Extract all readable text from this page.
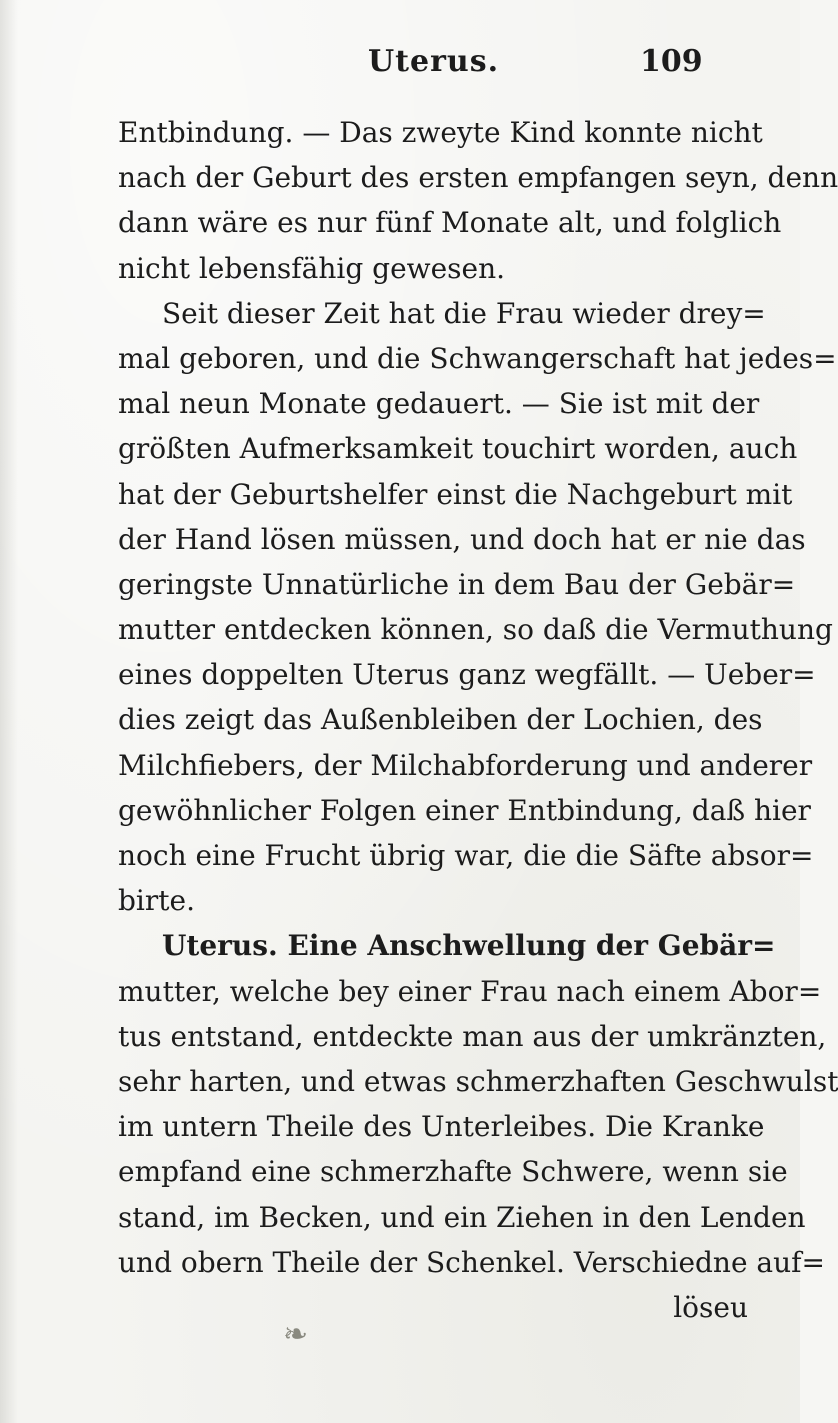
Uterus.	109
Entbindung. — Das zweyte Kind konnte nicht
nach der Geburt des ersten empfangen seyn, denn
dann wäre es nur fünf Monate alt, und folglich
nicht lebensfähig gewesen.
Seit dieser Zeit hat die Frau wieder drey=
mal geboren, und die Schwangerschaft hat jedes=
mal neun Monate gedauert. — Sie ist mit der
größten Aufmerksamkeit touchirt worden, auch
hat der Geburtshelfer einst die Nachgeburt mit
der Hand lösen müssen, und doch hat er nie das
geringste Unnatürliche in dem Bau der Gebär=
mutter entdecken können, so daß die Vermuthung
eines doppelten Uterus ganz wegfällt. — Ueber=
dies zeigt das Außenbleiben der Lochien, des
Milchfiebers, der Milchabforderung und anderer
gewöhnlicher Folgen einer Entbindung, daß hier
noch eine Frucht übrig war, die die Säfte absor=
birte.
Uterus. Eine Anschwellung der Gebär=
mutter, welche bey einer Frau nach einem Abor=
tus entstand, entdeckte man aus der umkränzten,
sehr harten, und etwas schmerzhaften Geschwulst
im untern Theile des Unterleibes. Die Kranke
empfand eine schmerzhafte Schwere, wenn sie
stand, im Becken, und ein Ziehen in den Lenden
und obern Theile der Schenkel. Verschiedne auf=
löseu
❧
